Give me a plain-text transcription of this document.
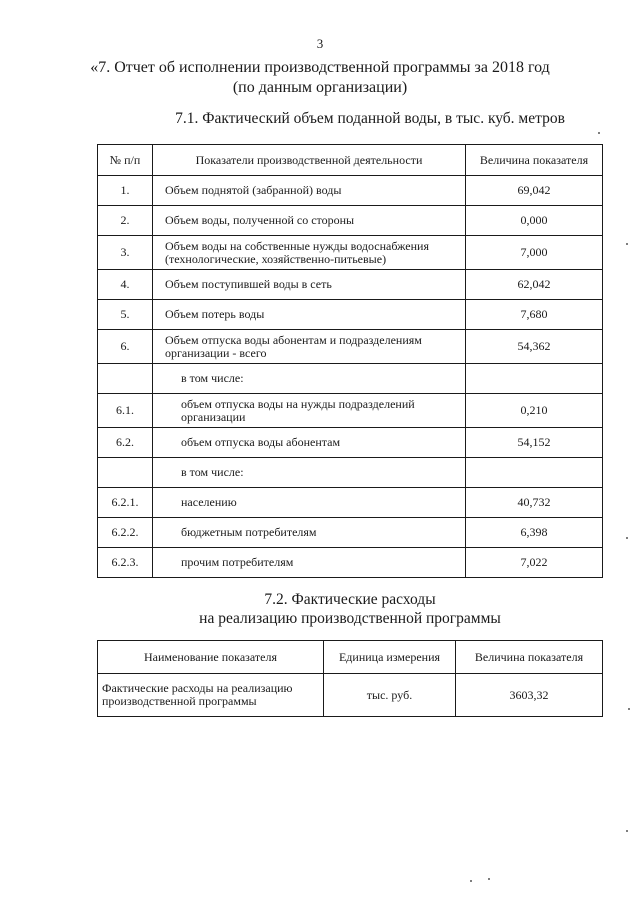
3
«7. Отчет об исполнении производственной программы за 2018 год
(по данным организации)
7.1. Фактический объем поданной воды, в тыс. куб. метров
№ п/п	Показатели производственной деятельности	Величина показателя
1.	Объем поднятой (забранной) воды	69,042
2.	Объем воды, полученной со стороны	0,000
3.	Объем воды на собственные нужды водоснабжения (технологические, хозяйственно-питьевые)	7,000
4.	Объем поступившей воды в сеть	62,042
5.	Объем потерь воды	7,680
6.	Объем отпуска воды абонентам и подразделениям организации - всего	54,362
	в том числе:	
6.1.	объем отпуска воды на нужды подразделений организации	0,210
6.2.	объем отпуска воды абонентам	54,152
	в том числе:	
6.2.1.	населению	40,732
6.2.2.	бюджетным потребителям	6,398
6.2.3.	прочим потребителям	7,022
7.2. Фактические расходы
на реализацию производственной программы
Наименование показателя	Единица измерения	Величина показателя
Фактические расходы на реализацию производственной программы	тыс. руб.	3603,32
